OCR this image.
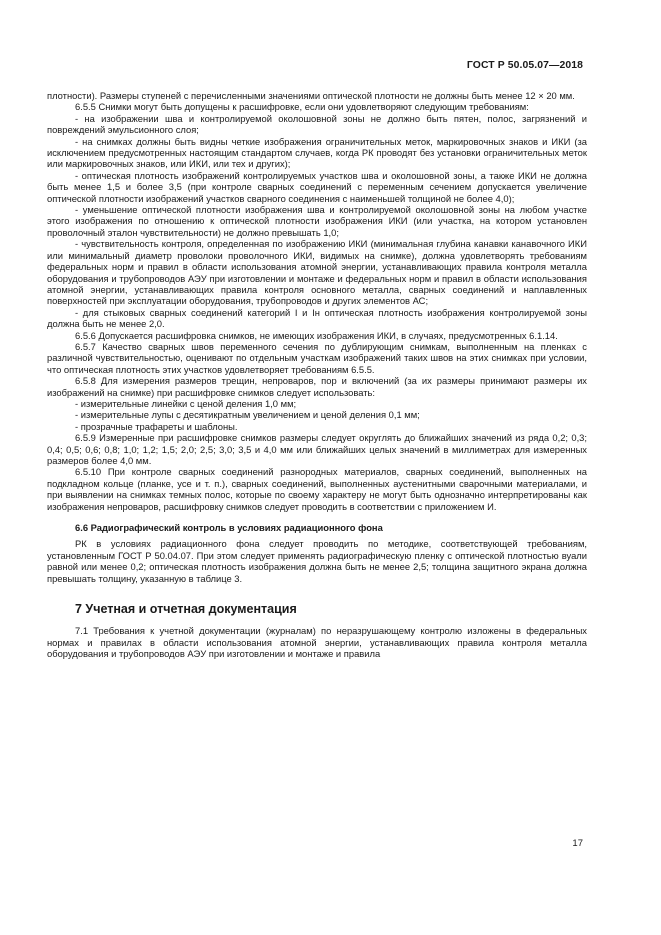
ГОСТ Р 50.05.07—2018

плотности). Размеры ступеней с перечисленными значениями оптической плотности не должны быть менее 12 × 20 мм.

6.5.5 Снимки могут быть допущены к расшифровке, если они удовлетворяют следующим требованиям:

- на изображении шва и контролируемой околошовной зоны не должно быть пятен, полос, загрязнений и повреждений эмульсионного слоя;

- на снимках должны быть видны четкие изображения ограничительных меток, маркировочных знаков и ИКИ (за исключением предусмотренных настоящим стандартом случаев, когда РК проводят без установки ограничительных меток или маркировочных знаков, или ИКИ, или тех и других);

- оптическая плотность изображений контролируемых участков шва и околошовной зоны, а также ИКИ не должна быть менее 1,5 и более 3,5 (при контроле сварных соединений с переменным сечением допускается увеличение оптической плотности изображений участков сварного соединения с наименьшей толщиной не более 4,0);

- уменьшение оптической плотности изображения шва и контролируемой околошовной зоны на любом участке этого изображения по отношению к оптической плотности изображения ИКИ (или участка, на котором установлен проволочный эталон чувствительности) не должно превышать 1,0;

- чувствительность контроля, определенная по изображению ИКИ (минимальная глубина канавки канавочного ИКИ или минимальный диаметр проволоки проволочного ИКИ, видимых на снимке), должна удовлетворять требованиям федеральных норм и правил в области использования атомной энергии, устанавливающих правила контроля металла оборудования и трубопроводов АЭУ при изготовлении и монтаже и федеральных норм и правил в области использования атомной энергии, устанавливающих правила контроля основного металла, сварных соединений и наплавленных поверхностей при эксплуатации оборудования, трубопроводов и других элементов АС;

- для стыковых сварных соединений категорий I и Iн оптическая плотность изображения контролируемой зоны должна быть не менее 2,0.

6.5.6 Допускается расшифровка снимков, не имеющих изображения ИКИ, в случаях, предусмотренных 6.1.14.

6.5.7 Качество сварных швов переменного сечения по дублирующим снимкам, выполненным на пленках с различной чувствительностью, оценивают по отдельным участкам изображений таких швов на этих снимках при условии, что оптическая плотность этих участков удовлетворяет требованиям 6.5.5.

6.5.8 Для измерения размеров трещин, непроваров, пор и включений (за их размеры принимают размеры их изображений на снимке) при расшифровке снимков следует использовать:

- измерительные линейки с ценой деления 1,0 мм;

- измерительные лупы с десятикратным увеличением и ценой деления 0,1 мм;

- прозрачные трафареты и шаблоны.

6.5.9 Измеренные при расшифровке снимков размеры следует округлять до ближайших значений из ряда 0,2; 0,3; 0,4; 0,5; 0,6; 0,8; 1,0; 1,2; 1,5; 2,0; 2,5; 3,0; 3,5 и 4,0 мм или ближайших целых значений в миллиметрах для измеренных размеров более 4,0 мм.

6.5.10 При контроле сварных соединений разнородных материалов, сварных соединений, выполненных на подкладном кольце (планке, усе и т. п.), сварных соединений, выполненных аустенитными сварочными материалами, и при выявлении на снимках темных полос, которые по своему характеру не могут быть однозначно интерпретированы как изображения непроваров, расшифровку снимков следует проводить в соответствии с приложением И.

6.6 Радиографический контроль в условиях радиационного фона

РК в условиях радиационного фона следует проводить по методике, соответствующей требованиям, установленным ГОСТ Р 50.04.07. При этом следует применять радиографическую пленку с оптической плотностью вуали равной или менее 0,2; оптическая плотность изображения должна быть не менее 2,5; толщина защитного экрана должна превышать толщину, указанную в таблице 3.

7 Учетная и отчетная документация

7.1 Требования к учетной документации (журналам) по неразрушающему контролю изложены в федеральных нормах и правилах в области использования атомной энергии, устанавливающих правила контроля металла оборудования и трубопроводов АЭУ при изготовлении и монтаже и правила

17
